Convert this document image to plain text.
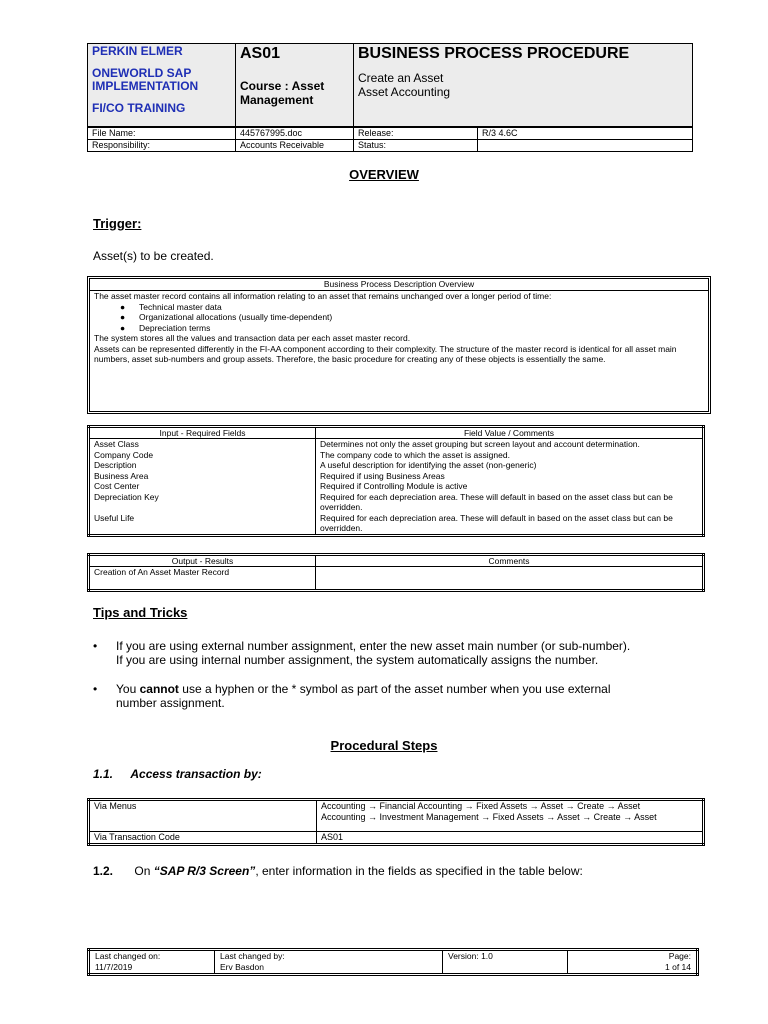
PERKIN ELMER
ONEWORLD SAP IMPLEMENTATION
FI/CO TRAINING

AS01
Course : Asset Management

BUSINESS PROCESS PROCEDURE
Create an Asset
Asset Accounting
File Name:	445767995.doc	Release:	R/3 4.6C
Responsibility:	Accounts Receivable	Status:	
OVERVIEW
Trigger:
Asset(s) to be created.
Business Process Description Overview
The asset master record contains all information relating to an asset that remains unchanged over a longer period of time:
● Technical master data
● Organizational allocations (usually time-dependent)
● Depreciation terms
The system stores all the values and transaction data per each asset master record.
Assets can be represented differently in the FI-AA component according to their complexity. The structure of the master record is identical for all asset main numbers, asset sub-numbers and group assets. Therefore, the basic procedure for creating any of these objects is essentially the same.
Input - Required Fields	Field Value / Comments
Asset Class	Determines not only the asset grouping but screen layout and account determination.
Company Code	The company code to which the asset is assigned.
Description	A useful description for identifying the asset (non-generic)
Business Area	Required if using Business Areas
Cost Center	Required if Controlling Module is active
Depreciation Key	Required for each depreciation area. These will default in based on the asset class but can be overridden.
Useful Life	Required for each depreciation area. These will default in based on the asset class but can be overridden.
Output - Results	Comments
Creation of An Asset Master Record	
Tips and Tricks
• If you are using external number assignment, enter the new asset main number (or sub-number).
If you are using internal number assignment, the system automatically assigns the number.
•	You cannot use a hyphen or the * symbol as part of the asset number when you use external number assignment.
Procedural Steps
1.1. Access transaction by:
Via Menus	Accounting → Financial Accounting → Fixed Assets → Asset → Create → Asset
Accounting → Investment Management → Fixed Assets → Asset → Create → Asset

Via Transaction Code	AS01
1.2. On “SAP R/3 Screen”, enter information in the fields as specified in the table below:
Last changed on:	Last changed by:	Version: 1.0	Page:
11/7/2019	Erv Basdon		1 of 14
